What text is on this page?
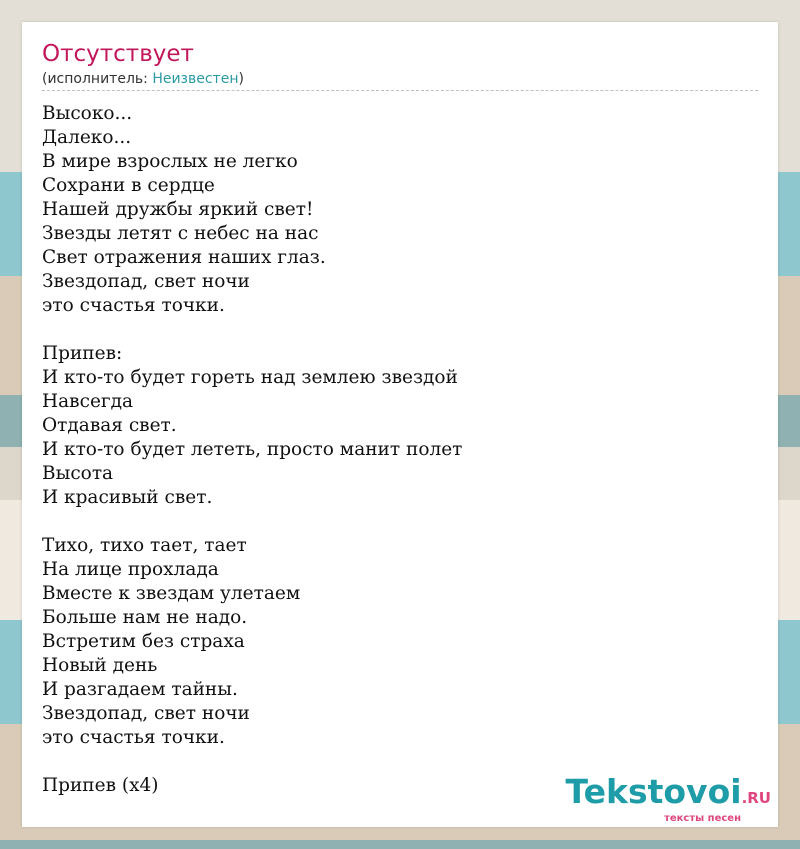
Отсутствует
(исполнитель: Неизвестен)
Высоко...
Далеко...
В мире взрослых не легко
Сохрани в сердце
Нашей дружбы яркий свет!
Звезды летят с небес на нас
Свет отражения наших глаз.
Звездопад, свет ночи
это счастья точки.
Припев:
И кто-то будет гореть над землею звездой
Навсегда
Отдавая свет.
И кто-то будет лететь, просто манит полет
Высота
И красивый свет.
Тихо, тихо тает, тает
На лице прохлада
Вместе к звездам улетаем
Больше нам не надо.
Встретим без страха
Новый день
И разгадаем тайны.
Звездопад, свет ночи
это счастья точки.
Припев (x4)	Tekstovoi.RU
тексты песен
